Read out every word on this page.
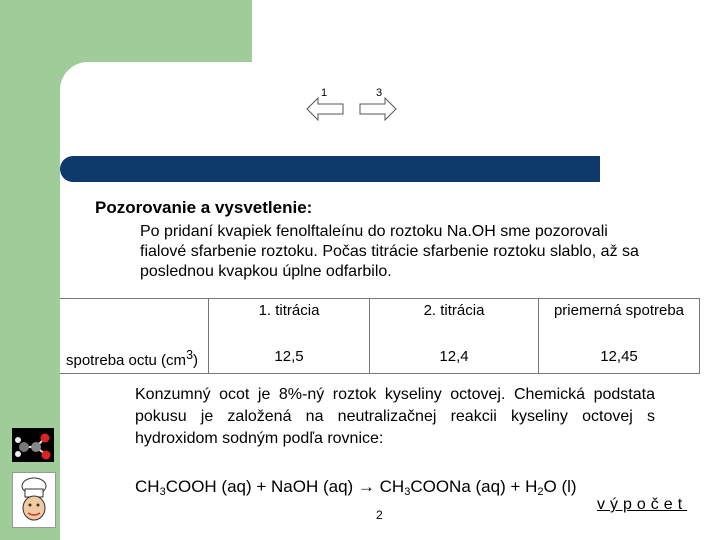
1	3
Pozorovanie a vysvetlenie:
Po pridaní kvapiek fenolftaleínu do roztoku Na.OH sme pozorovali fialové sfarbenie roztoku. Počas titrácie sfarbenie roztoku slablo, až sa poslednou kvapkou úplne odfarbilo.
	1. titrácia	2. titrácia	priemerná spotreba
spotreba octu $(cm^3)$	12,5	12,4	12,45
Konzumný ocot je 8%-ný roztok kyseliny octovej. Chemická podstata pokusu je založená na neutralizačnej reakcii kyseliny octovej s hydroxidom sodným podľa rovnice:
$CH_3COOH$ (aq) + NaOH $(aq) \to CH_3COONa$ $(aq) + H_2O$ (l)
výpočet
2
